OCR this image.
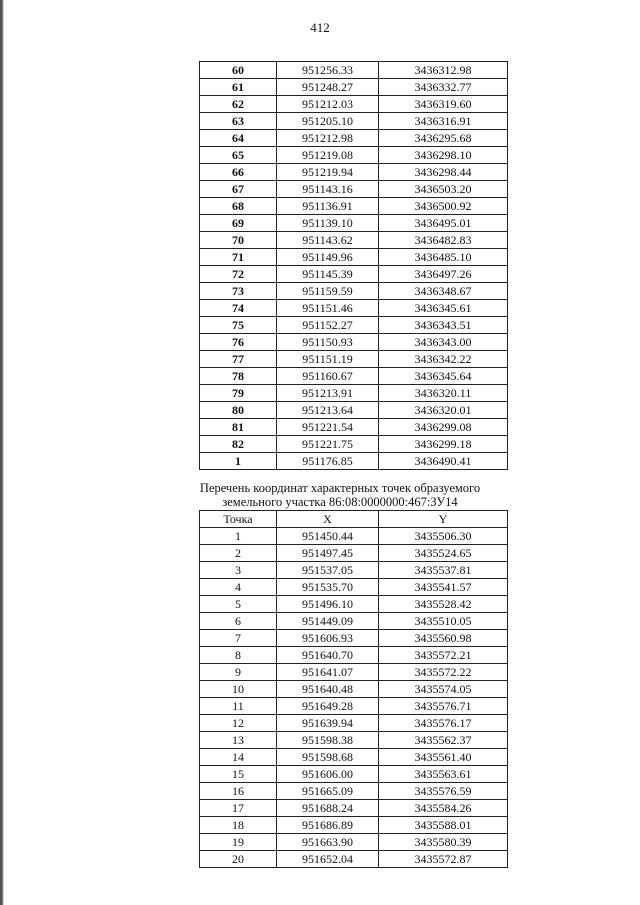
412
60	951256.33	3436312.98
61	951248.27	3436332.77
62	951212.03	3436319.60
63	951205.10	3436316.91
64	951212.98	3436295.68
65	951219.08	3436298.10
66	951219.94	3436298.44
67	951143.16	3436503.20
68	951136.91	3436500.92
69	951139.10	3436495.01
70	951143.62	3436482.83
71	951149.96	3436485.10
72	951145.39	3436497.26
73	951159.59	3436348.67
74	951151.46	3436345.61
75	951152.27	3436343.51
76	951150.93	3436343.00
77	951151.19	3436342.22
78	951160.67	3436345.64
79	951213.91	3436320.11
80	951213.64	3436320.01
81	951221.54	3436299.08
82	951221.75	3436299.18
1	951176.85	3436490.41
Перечень координат характерных точек образуемого
земельного участка 86:08:0000000:467:ЗУ14
Точка	X	Y
1	951450.44	3435506.30
2	951497.45	3435524.65
3	951537.05	3435537.81
4	951535.70	3435541.57
5	951496.10	3435528.42
6	951449.09	3435510.05
7	951606.93	3435560.98
8	951640.70	3435572.21
9	951641.07	3435572.22
10	951640.48	3435574.05
11	951649.28	3435576.71
12	951639.94	3435576.17
13	951598.38	3435562.37
14	951598.68	3435561.40
15	951606.00	3435563.61
16	951665.09	3435576.59
17	951688.24	3435584.26
18	951686.89	3435588.01
19	951663.90	3435580.39
20	951652.04	3435572.87
